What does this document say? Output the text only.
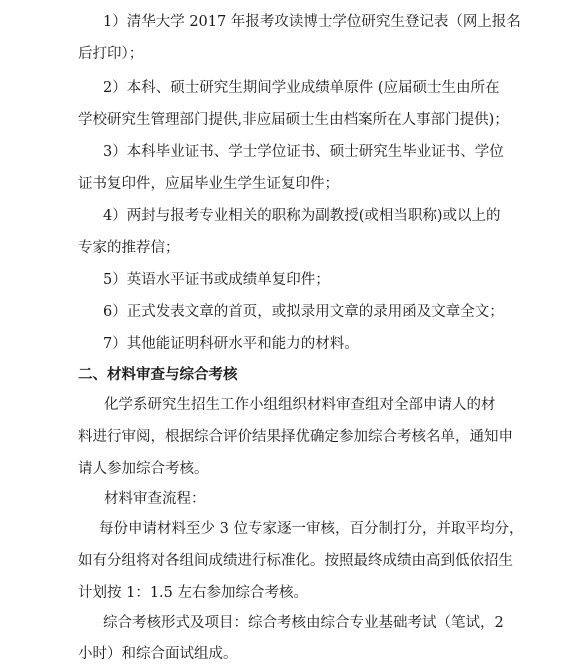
1）清华大学 2017 年报考攻读博士学位研究生登记表（网上报名
后打印）；
2）本科、硕士研究生期间学业成绩单原件 (应届硕士生由所在
学校研究生管理部门提供,非应届硕士生由档案所在人事部门提供)；
3）本科毕业证书、学士学位证书、硕士研究生毕业证书、学位
证书复印件，应届毕业生学生证复印件；
4）两封与报考专业相关的职称为副教授(或相当职称)或以上的
专家的推荐信；
5）英语水平证书或成绩单复印件；
6）正式发表文章的首页，或拟录用文章的录用函及文章全文；
7）其他能证明科研水平和能力的材料。
二、材料审查与综合考核
化学系研究生招生工作小组组织材料审查组对全部申请人的材
料进行审阅，根据综合评价结果择优确定参加综合考核名单，通知申
请人参加综合考核。
材料审查流程：
每份申请材料至少 3 位专家逐一审核，百分制打分，并取平均分，
如有分组将对各组间成绩进行标准化。按照最终成绩由高到低依招生
计划按 1：1.5 左右参加综合考核。
综合考核形式及项目：综合考核由综合专业基础考试（笔试，2
小时）和综合面试组成。
